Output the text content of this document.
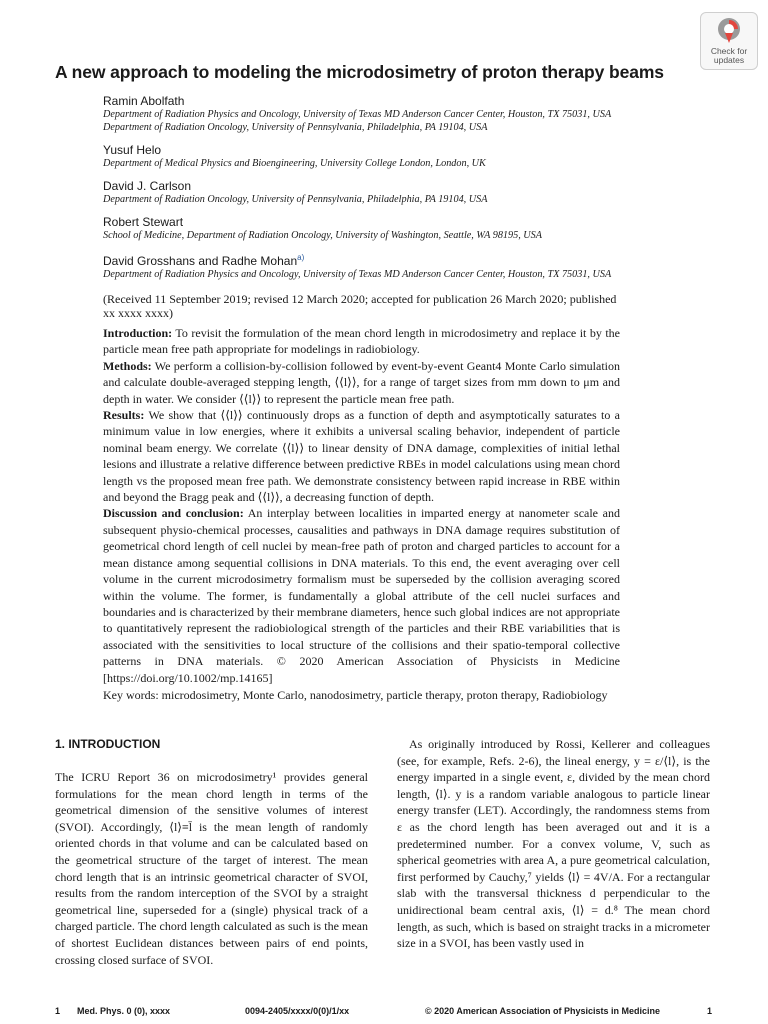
Check for
updates
A new approach to modeling the microdosimetry of proton therapy beams

Ramin Abolfath

Department of Radiation Physics and Oncology, University of Texas MD Anderson Cancer Center, Houston, TX 75031, USA

Department of Radiation Oncology, University of Pennsylvania, Philadelphia, PA 19104, USA

Yusuf Helo

Department of Medical Physics and Bioengineering, University College London, London, UK

David J. Carlson

Department of Radiation Oncology, University of Pennsylvania, Philadelphia, PA 19104, USA

Robert Stewart

School of Medicine, Department of Radiation Oncology, University of Washington, Seattle, WA 98195, USA

David Grosshans and Radhe Mohan$^{a)}$

Department of Radiation Physics and Oncology, University of Texas MD Anderson Cancer Center, Houston, TX 75031, USA

(Received 11 September 2019; revised 12 March 2020; accepted for publication 26 March 2020; published xx xxxx xxxx)

Introduction: To revisit the formulation of the mean chord length in microdosimetry and replace it by the particle mean free path appropriate for modelings in radiobiology.

Methods: We perform a collision-by-collision followed by event-by-event Geant4 Monte Carlo simulation and calculate double-averaged stepping length, ⟨⟨l⟩⟩, for a range of target sizes from mm down to μm and depth in water. We consider ⟨⟨l⟩⟩ to represent the particle mean free path.

Results: We show that ⟨⟨l⟩⟩ continuously drops as a function of depth and asymptotically saturates to a minimum value in low energies, where it exhibits a universal scaling behavior, independent of particle nominal beam energy. We correlate ⟨⟨l⟩⟩ to linear density of DNA damage, complexities of initial lethal lesions and illustrate a relative difference between predictive RBEs in model calculations using mean chord length vs the proposed mean free path. We demonstrate consistency between rapid increase in RBE within and beyond the Bragg peak and ⟨⟨l⟩⟩, a decreasing function of depth.

Discussion and conclusion: An interplay between localities in imparted energy at nanometer scale and subsequent physio-chemical processes, causalities and pathways in DNA damage requires substitution of geometrical chord length of cell nuclei by mean-free path of proton and charged particles to account for a mean distance among sequential collisions in DNA materials. To this end, the event averaging over cell volume in the current microdosimetry formalism must be superseded by the collision averaging scored within the volume. The former, is fundamentally a global attribute of the cell nuclei surfaces and boundaries and is characterized by their membrane diameters, hence such global indices are not appropriate to quantitatively represent the radiobiological strength of the particles and their RBE variabilities that is associated with the sensitivities to local structure of the collisions and their spatio-temporal collective patterns in DNA materials. © 2020 American Association of Physicists in Medicine [https://doi.org/10.1002/mp.14165]

Key words: microdosimetry, Monte Carlo, nanodosimetry, particle therapy, proton therapy, Radiobiology
1. INTRODUCTION

The ICRU Report 36 on microdosimetry¹ provides general formulations for the mean chord length in terms of the geometrical dimension of the sensitive volumes of interest (SVOI). Accordingly, ⟨l⟩≡l̄ is the mean length of randomly oriented chords in that volume and can be calculated based on the geometrical structure of the target of interest. The mean chord length that is an intrinsic geometrical character of SVOI, results from the random interception of the SVOI by a straight geometrical line, superseded for a (single) physical track of a charged particle. The chord length calculated as such is the mean of shortest Euclidean distances between pairs of end points, crossing closed surface of SVOI.

As originally introduced by Rossi, Kellerer and colleagues (see, for example, Refs. 2-6), the lineal energy, y = ε/⟨l⟩, is the energy imparted in a single event, ε, divided by the mean chord length, ⟨l⟩. y is a random variable analogous to particle linear energy transfer (LET). Accordingly, the randomness stems from ε as the chord length has been averaged out and it is a predetermined number. For a convex volume, V, such as spherical geometries with area A, a pure geometrical calculation, first performed by Cauchy,⁷ yields ⟨l⟩ = 4V/A. For a rectangular slab with the transversal thickness d perpendicular to the unidirectional beam central axis, ⟨l⟩ = d.⁸ The mean chord length, as such, which is based on straight tracks in a micrometer size in a SVOI, has been vastly used in

1 Med. Phys. 0 (0), xxxx	0094-2405/xxxx/0(0)/1/xx	© 2020 American Association of Physicists in Medicine	1
